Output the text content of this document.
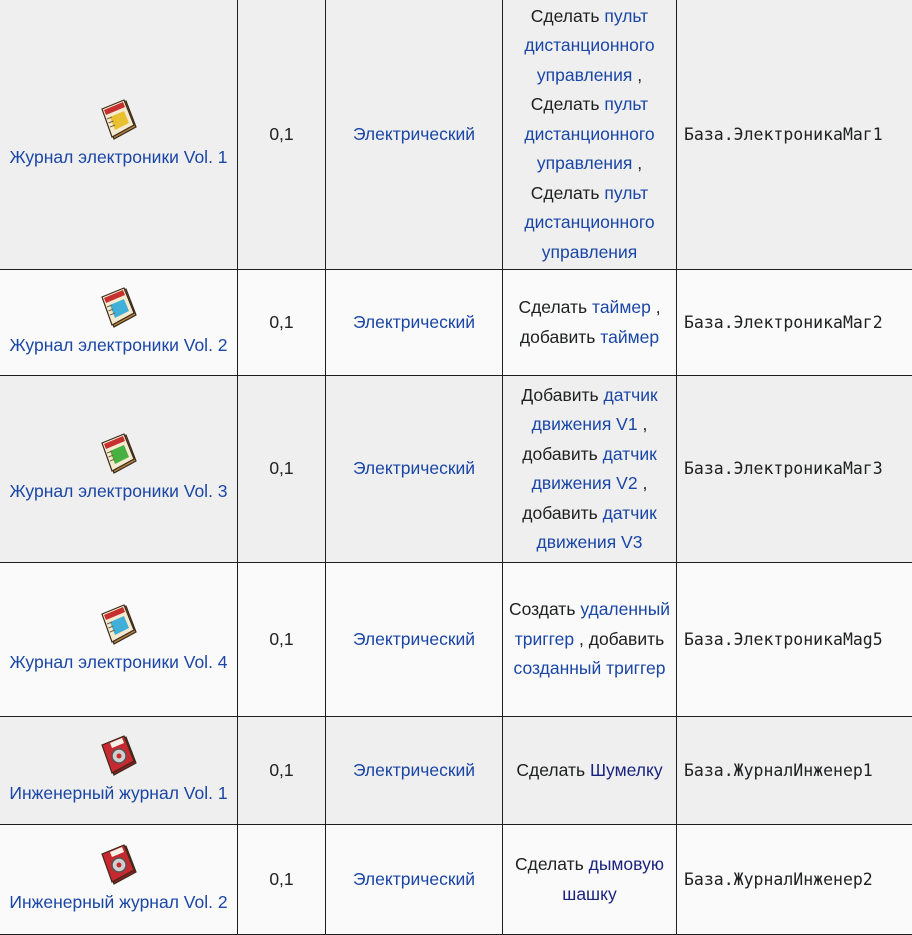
Журнал электроники Vol. 1	0,1	Электрический	Сделать пульт дистанционного управления , Сделать пульт дистанционного управления , Сделать пульт дистанционного управления	База.ЭлектроникаМаг1

Журнал электроники Vol. 2	0,1	Электрический	Сделать таймер , добавить таймер	База.ЭлектроникаМаг2

Журнал электроники Vol. 3	0,1	Электрический	Добавить датчик движения V1 , добавить датчик движения V2 , добавить датчик движения V3	База.ЭлектроникаМаг3

Журнал электроники Vol. 4	0,1	Электрический	Создать удаленный триггер , добавить созданный триггер	База.ЭлектроникаMag5

Инженерный журнал Vol. 1	0,1	Электрический	Сделать Шумелку	База.ЖурналИнженер1

Инженерный журнал Vol. 2	0,1	Электрический	Сделать дымовую шашку	База.ЖурналИнженер2
